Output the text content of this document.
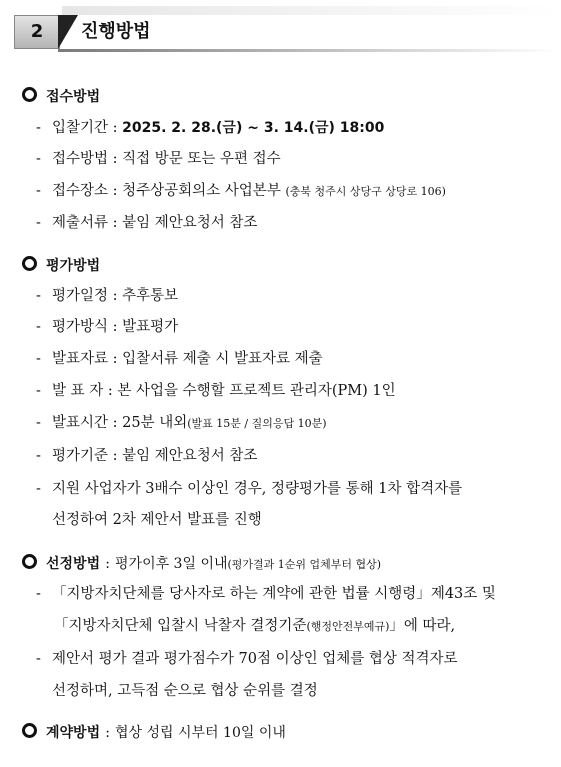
2	진행방법
접수방법
- 입찰기간 : 2025. 2. 28.(금) ~ 3. 14.(금) 18:00
- 접수방법 : 직접 방문 또는 우편 접수
- 접수장소 : 청주상공회의소 사업본부 (충북 청주시 상당구 상당로 106)
- 제출서류 : 붙임 제안요청서 참조
평가방법
- 평가일정 : 추후통보
- 평가방식 : 발표평가
- 발표자료 : 입찰서류 제출 시 발표자료 제출
- 발 표 자 : 본 사업을 수행할 프로젝트 관리자(PM) 1인
- 발표시간 : 25분 내외(발표 15분 / 질의응답 10분)
- 평가기준 : 붙임 제안요청서 참조
- 지원 사업자가 3배수 이상인 경우, 정량평가를 통해 1차 합격자를
선정하여 2차 제안서 발표를 진행
선정방법 : 평가이후 3일 이내(평가결과 1순위 업체부터 협상)
- 「지방자치단체를 당사자로 하는 계약에 관한 법률 시행령」제43조 및
「지방자치단체 입찰시 낙찰자 결정기준(행정안전부예규)」에 따라,
- 제안서 평가 결과 평가점수가 70점 이상인 업체를 협상 적격자로
선정하며, 고득점 순으로 협상 순위를 결정
계약방법 : 협상 성립 시부터 10일 이내
